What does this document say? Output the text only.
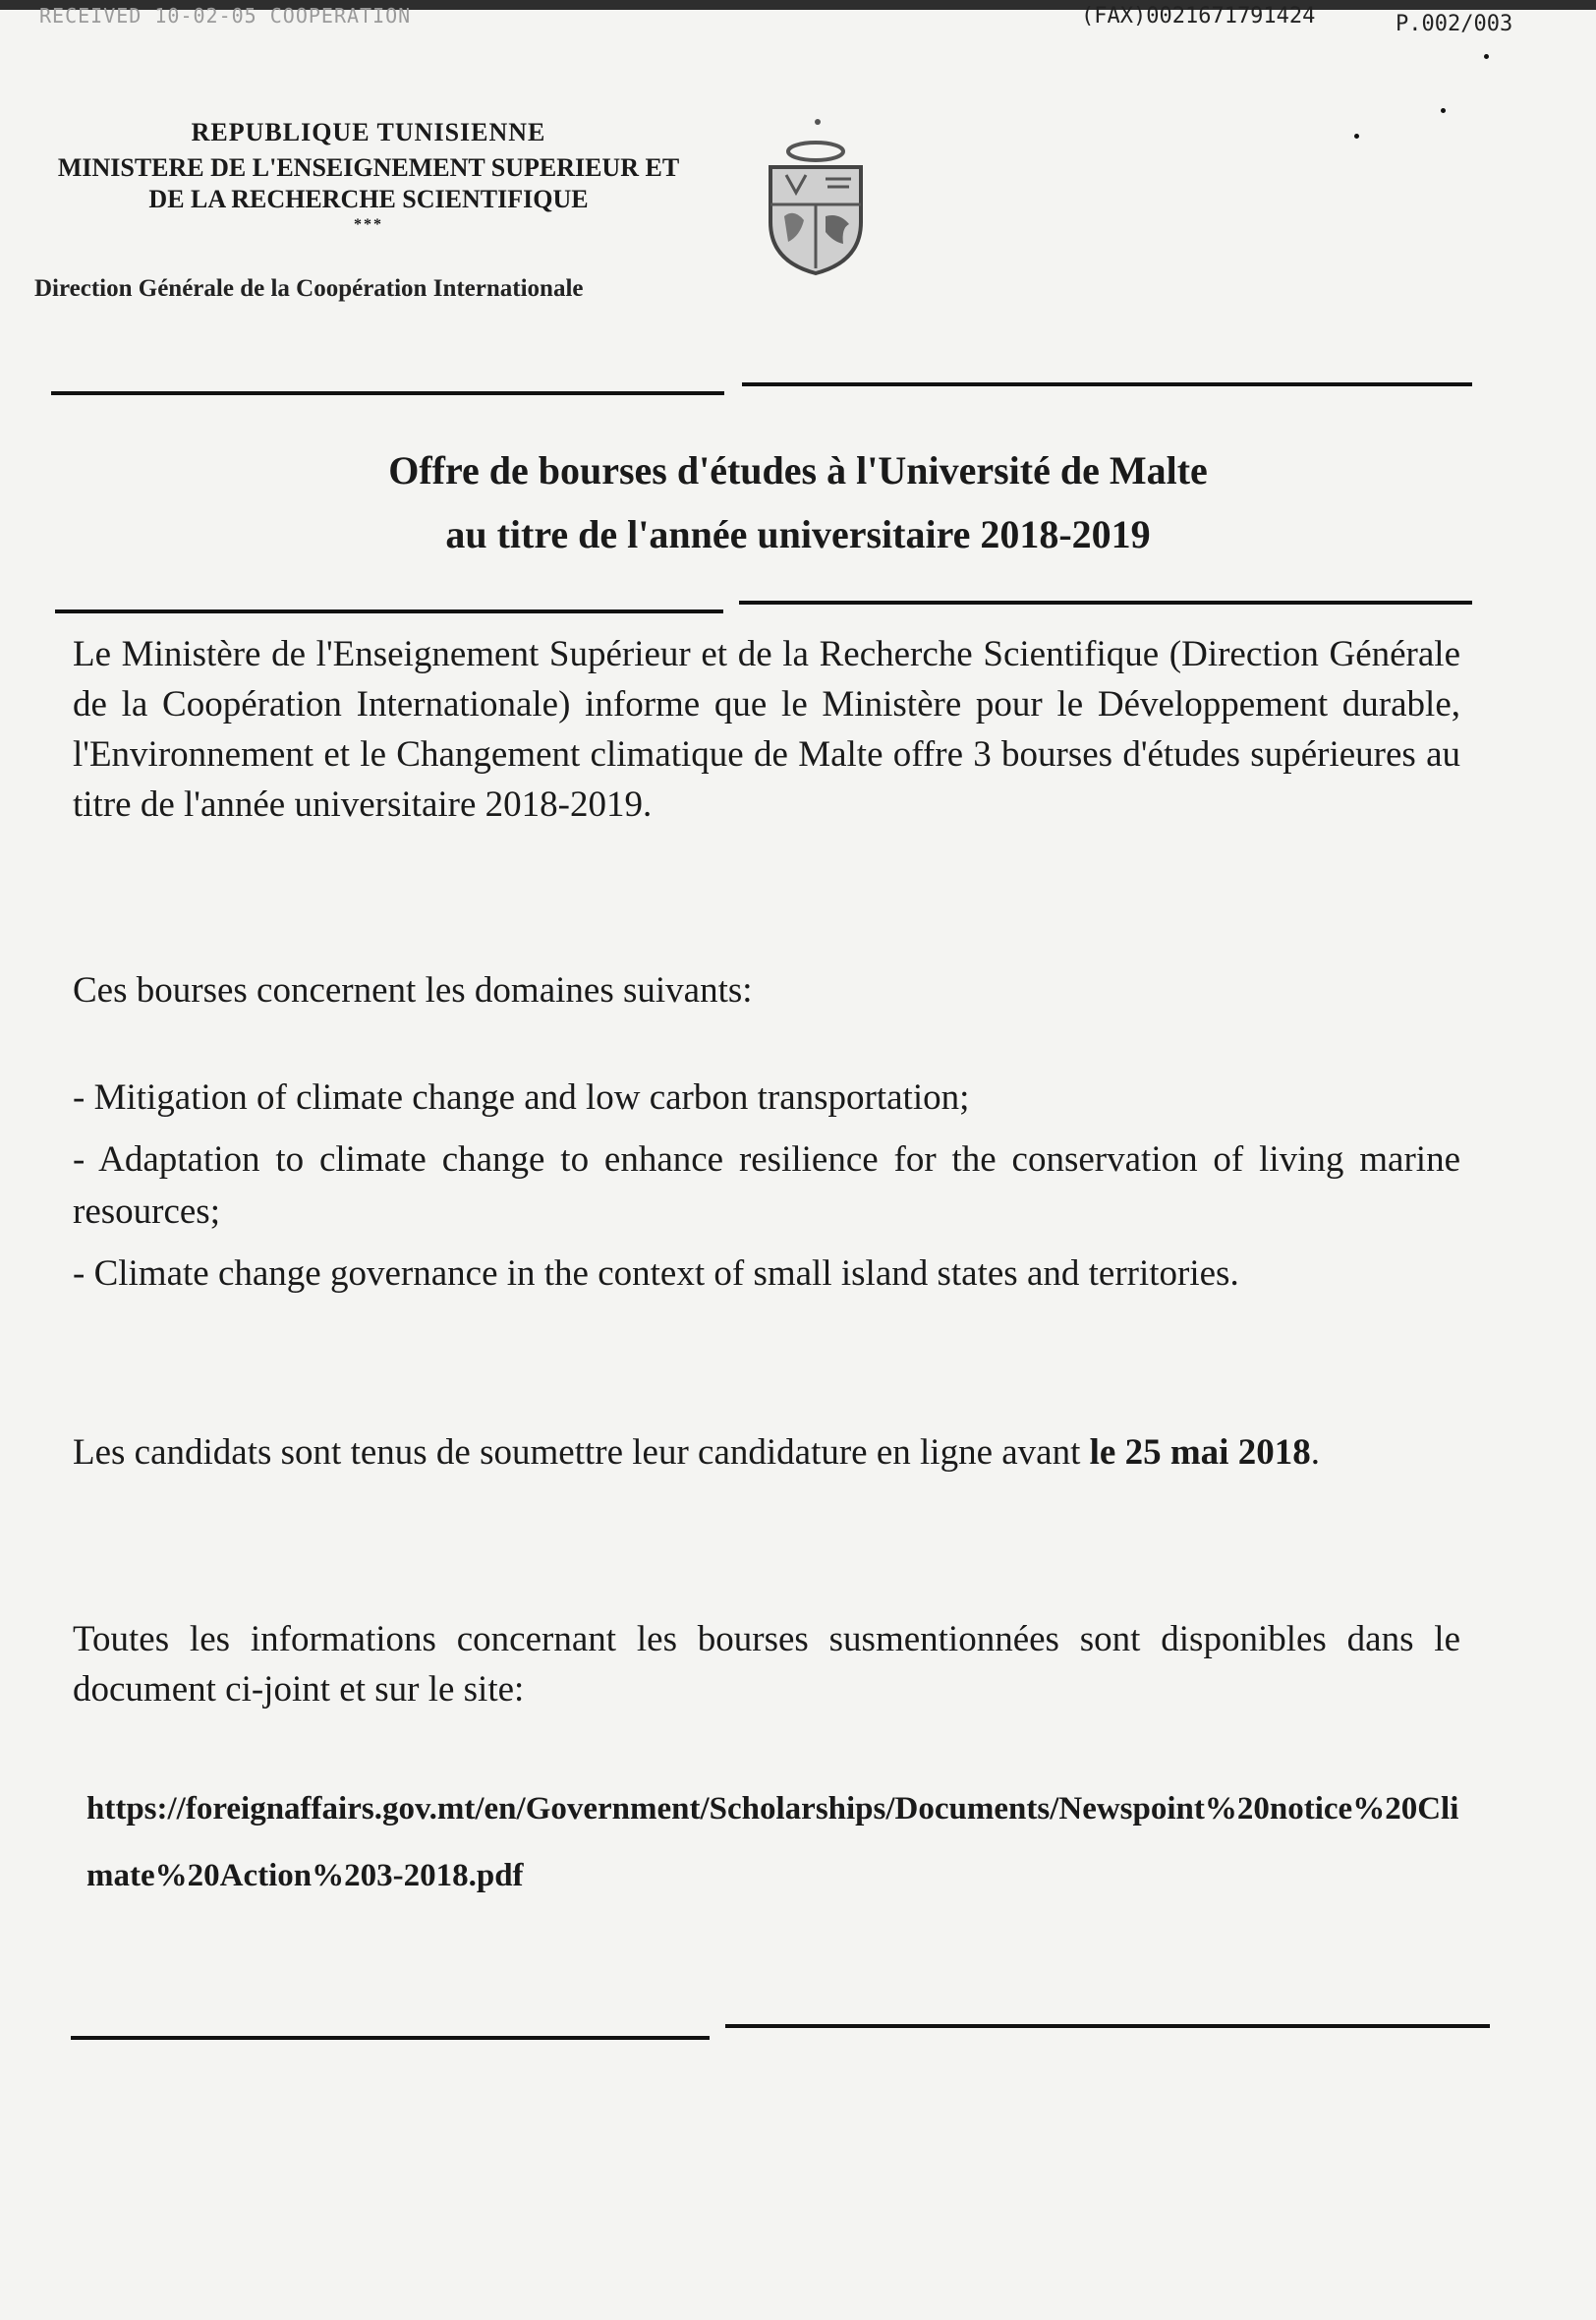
RECEIVED 10-02-05 COOPERATION	(FAX)0021671791424	P.002/003
REPUBLIQUE TUNISIENNE
MINISTERE DE L'ENSEIGNEMENT SUPERIEUR ET
DE LA RECHERCHE SCIENTIFIQUE
***
Direction Générale de la Coopération Internationale
Offre de bourses d'études à l'Université de Malte
au titre de l'année universitaire 2018-2019
Le Ministère de l'Enseignement Supérieur et de la Recherche Scientifique (Direction Générale de la Coopération Internationale) informe que le Ministère pour le Développement durable, l'Environnement et le Changement climatique de Malte offre 3 bourses d'études supérieures au titre de l'année universitaire 2018-2019.
Ces bourses concernent les domaines suivants:
- Mitigation of climate change and low carbon transportation;
- Adaptation to climate change to enhance resilience for the conservation of living marine resources;
- Climate change governance in the context of small island states and territories.
Les candidats sont tenus de soumettre leur candidature en ligne avant le 25 mai 2018.
Toutes les informations concernant les bourses susmentionnées sont disponibles dans le document ci-joint et sur le site:
https://foreignaffairs.gov.mt/en/Government/Scholarships/Documents/Newspoint%20notice%20Climate%20Action%203-2018.pdf
